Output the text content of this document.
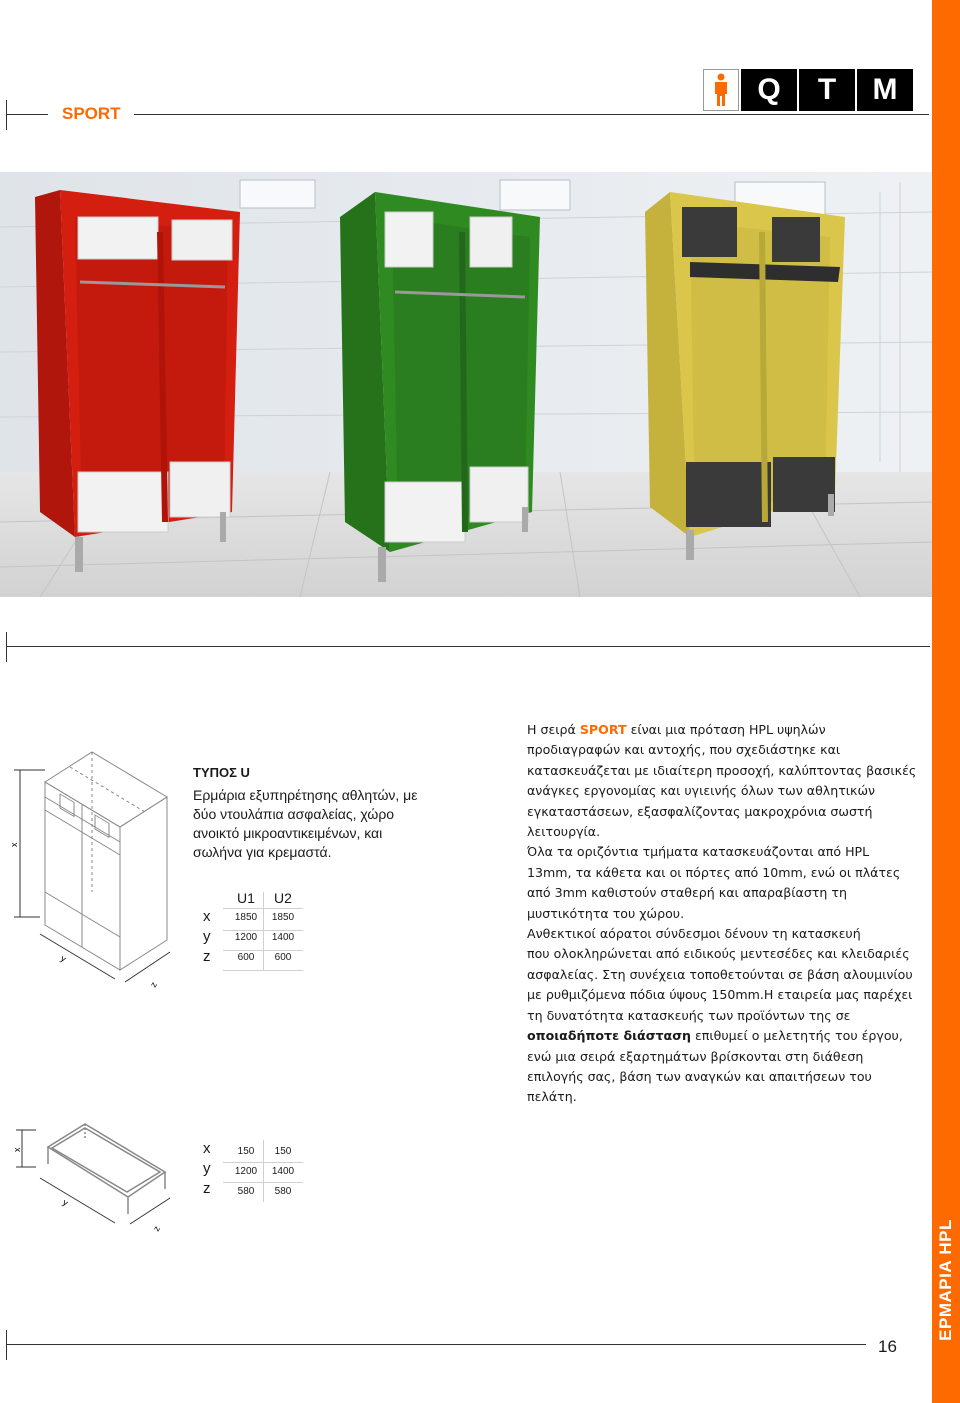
ΕΡΜΑΡΙΑ HPL
SPORT
Q	T	M
x
y
z
x
y
z
ΤΥΠΟΣ U
Ερμάρια εξυπηρέτησης αθλητών, με δύο ντουλάπια ασφαλείας, χώρο ανοικτό μικροαντικειμένων, και σωλήνα για κρεμαστά.
U1	U2
x	1850	1850
y	1200	1400
z	600	600
x	150	150
y	1200	1400
z	580	580

Η σειρά SPORT είναι μια πρόταση HPL υψηλών προδιαγραφών και αντοχής, που σχεδιάστηκε και κατασκευάζεται με ιδιαίτερη προσοχή, καλύπτοντας βασικές ανάγκες εργονομίας και υγιεινής όλων των αθλητικών εγκαταστάσεων, εξασφαλίζοντας μακροχρόνια σωστή λειτουργία.

Όλα τα οριζόντια τμήματα κατασκευάζονται από HPL 13mm, τα κάθετα και οι πόρτες από 10mm, ενώ οι πλάτες από 3mm καθιστούν σταθερή και απαραβίαστη τη μυστικότητα του χώρου.

Ανθεκτικοί αόρατοι σύνδεσμοι δένουν τη κατασκευή

που ολοκληρώνεται από ειδικούς μεντεσέδες και κλειδαριές ασφαλείας. Στη συνέχεια τοποθετούνται σε βάση αλουμινίου με ρυθμιζόμενα πόδια ύψους 150mm.Η εταιρεία μας παρέχει τη δυνατότητα κατασκευής των προϊόντων της σε οποιαδήποτε διάσταση επιθυμεί ο μελετητής του έργου, ενώ μια σειρά εξαρτημάτων βρίσκονται στη διάθεση επιλογής σας, βάση των αναγκών και απαιτήσεων του πελάτη.

16
